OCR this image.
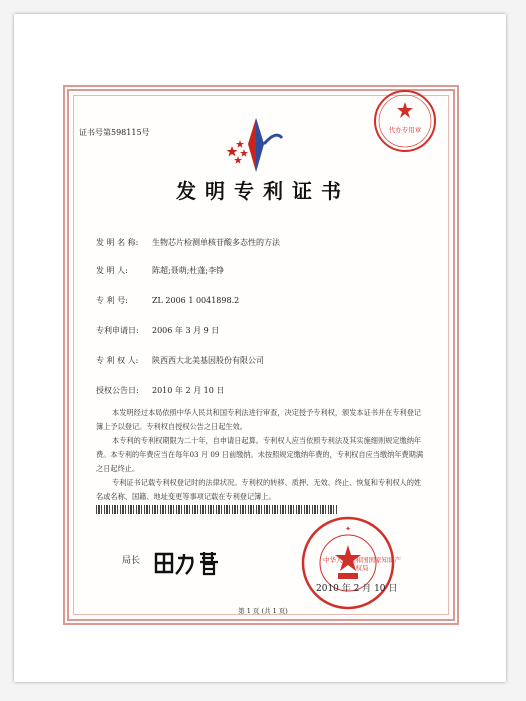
代办专用章
证书号第598115号
发明专利证书
发 明 名 称:	生物芯片检测单核苷酸多态性的方法
发 明 人:	陈超;聂萌;杜蓬;李铮
专 利 号:	ZL 2006 1 0041898.2
专利申请日:	2006 年 3 月 9 日
专 利 权 人:	陕西西大北美基因股份有限公司
授权公告日:	2010 年 2 月 10 日

本发明经过本局依照中华人民共和国专利法进行审查，决定授予专利权，颁发本证书并在专利登记簿上予以登记。专利权自授权公告之日起生效。

本专利的专利权期限为二十年，自申请日起算。专利权人应当依照专利法及其实施细则规定缴纳年费。本专利的年费应当在每年03 月 09 日前缴纳。未按照规定缴纳年费的，专利权自应当缴纳年费期满之日起终止。

专利证书记载专利权登记时的法律状况。专利权的转移、质押、无效、终止、恢复和专利权人的姓名或名称、国籍、地址变更等事项记载在专利登记簿上。

局长
✦
中华人民共和国国家知识产权局
2010 年 2 月 10 日
第 1 页 (共 1 页)
